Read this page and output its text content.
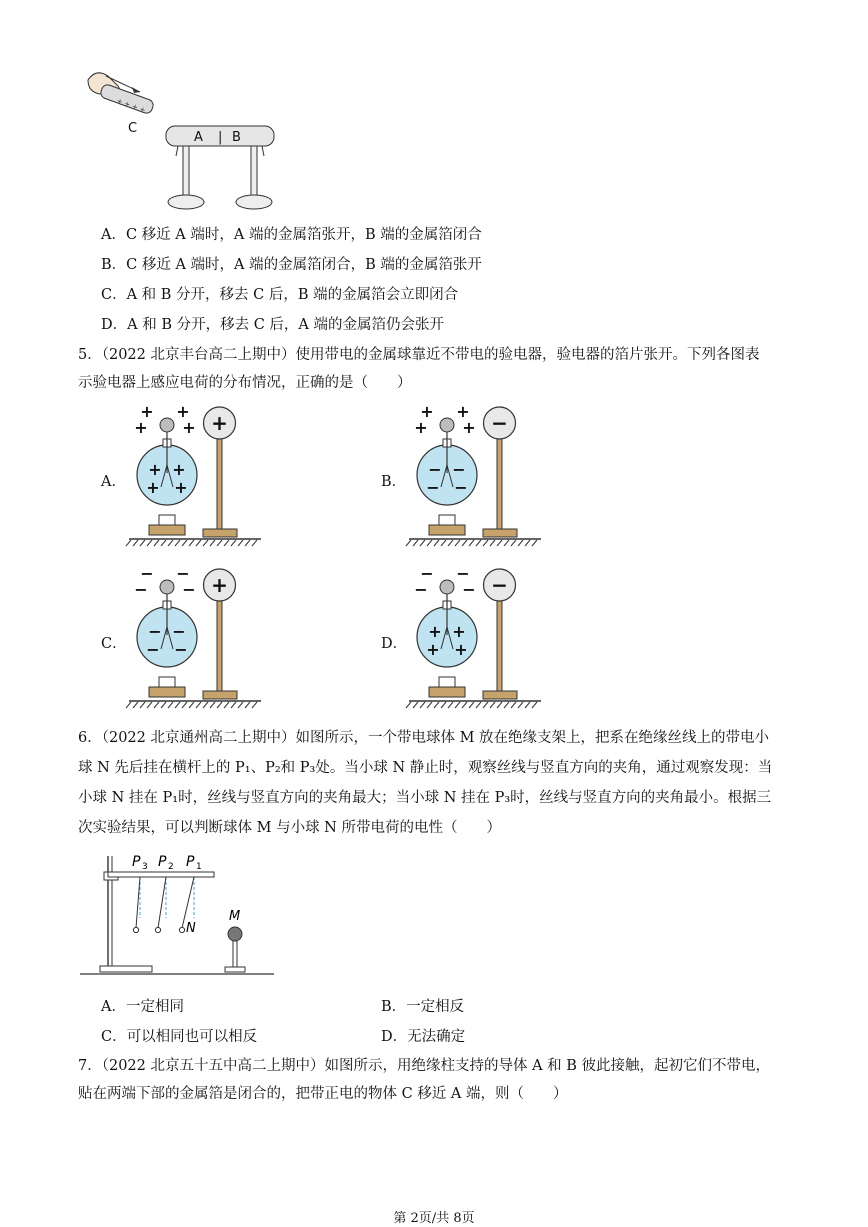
+ + + +
C
A | B
A．C 移近 A 端时，A 端的金属箔张开，B 端的金属箔闭合
B．C 移近 A 端时，A 端的金属箔闭合，B 端的金属箔张开
C．A 和 B 分开，移去 C 后，B 端的金属箔会立即闭合
D．A 和 B 分开，移去 C 后，A 端的金属箔仍会张开
5．（2022 北京丰台高二上期中）使用带电的金属球靠近不带电的验电器，验电器的箔片张开。下列各图表
示验电器上感应电荷的分布情况，正确的是（　　）
A．	B．
C．	D．
+ +
+ +
+ +
+ +
+	+ +
+ +
− −
− −
−
− −
− −
− −
− −
+	− −
− −
+ +
+ +
−
6．（2022 北京通州高二上期中）如图所示，一个带电球体 M 放在绝缘支架上，把系在绝缘丝线上的带电小
球 N 先后挂在横杆上的 P₁、P₂和 P₃处。当小球 N 静止时，观察丝线与竖直方向的夹角，通过观察发现：当
小球 N 挂在 P₁时，丝线与竖直方向的夹角最大；当小球 N 挂在 P₃时，丝线与竖直方向的夹角最小。根据三
次实验结果，可以判断球体 M 与小球 N 所带电荷的电性（　　）
P 3 P 2 P 1
N
M
A．一定相同	B．一定相反
C．可以相同也可以相反	D．无法确定
7．（2022 北京五十五中高二上期中）如图所示，用绝缘柱支持的导体 A 和 B 彼此接触，起初它们不带电，
贴在两端下部的金属箔是闭合的，把带正电的物体 C 移近 A 端，则（　　）
第 2页/共 8页
